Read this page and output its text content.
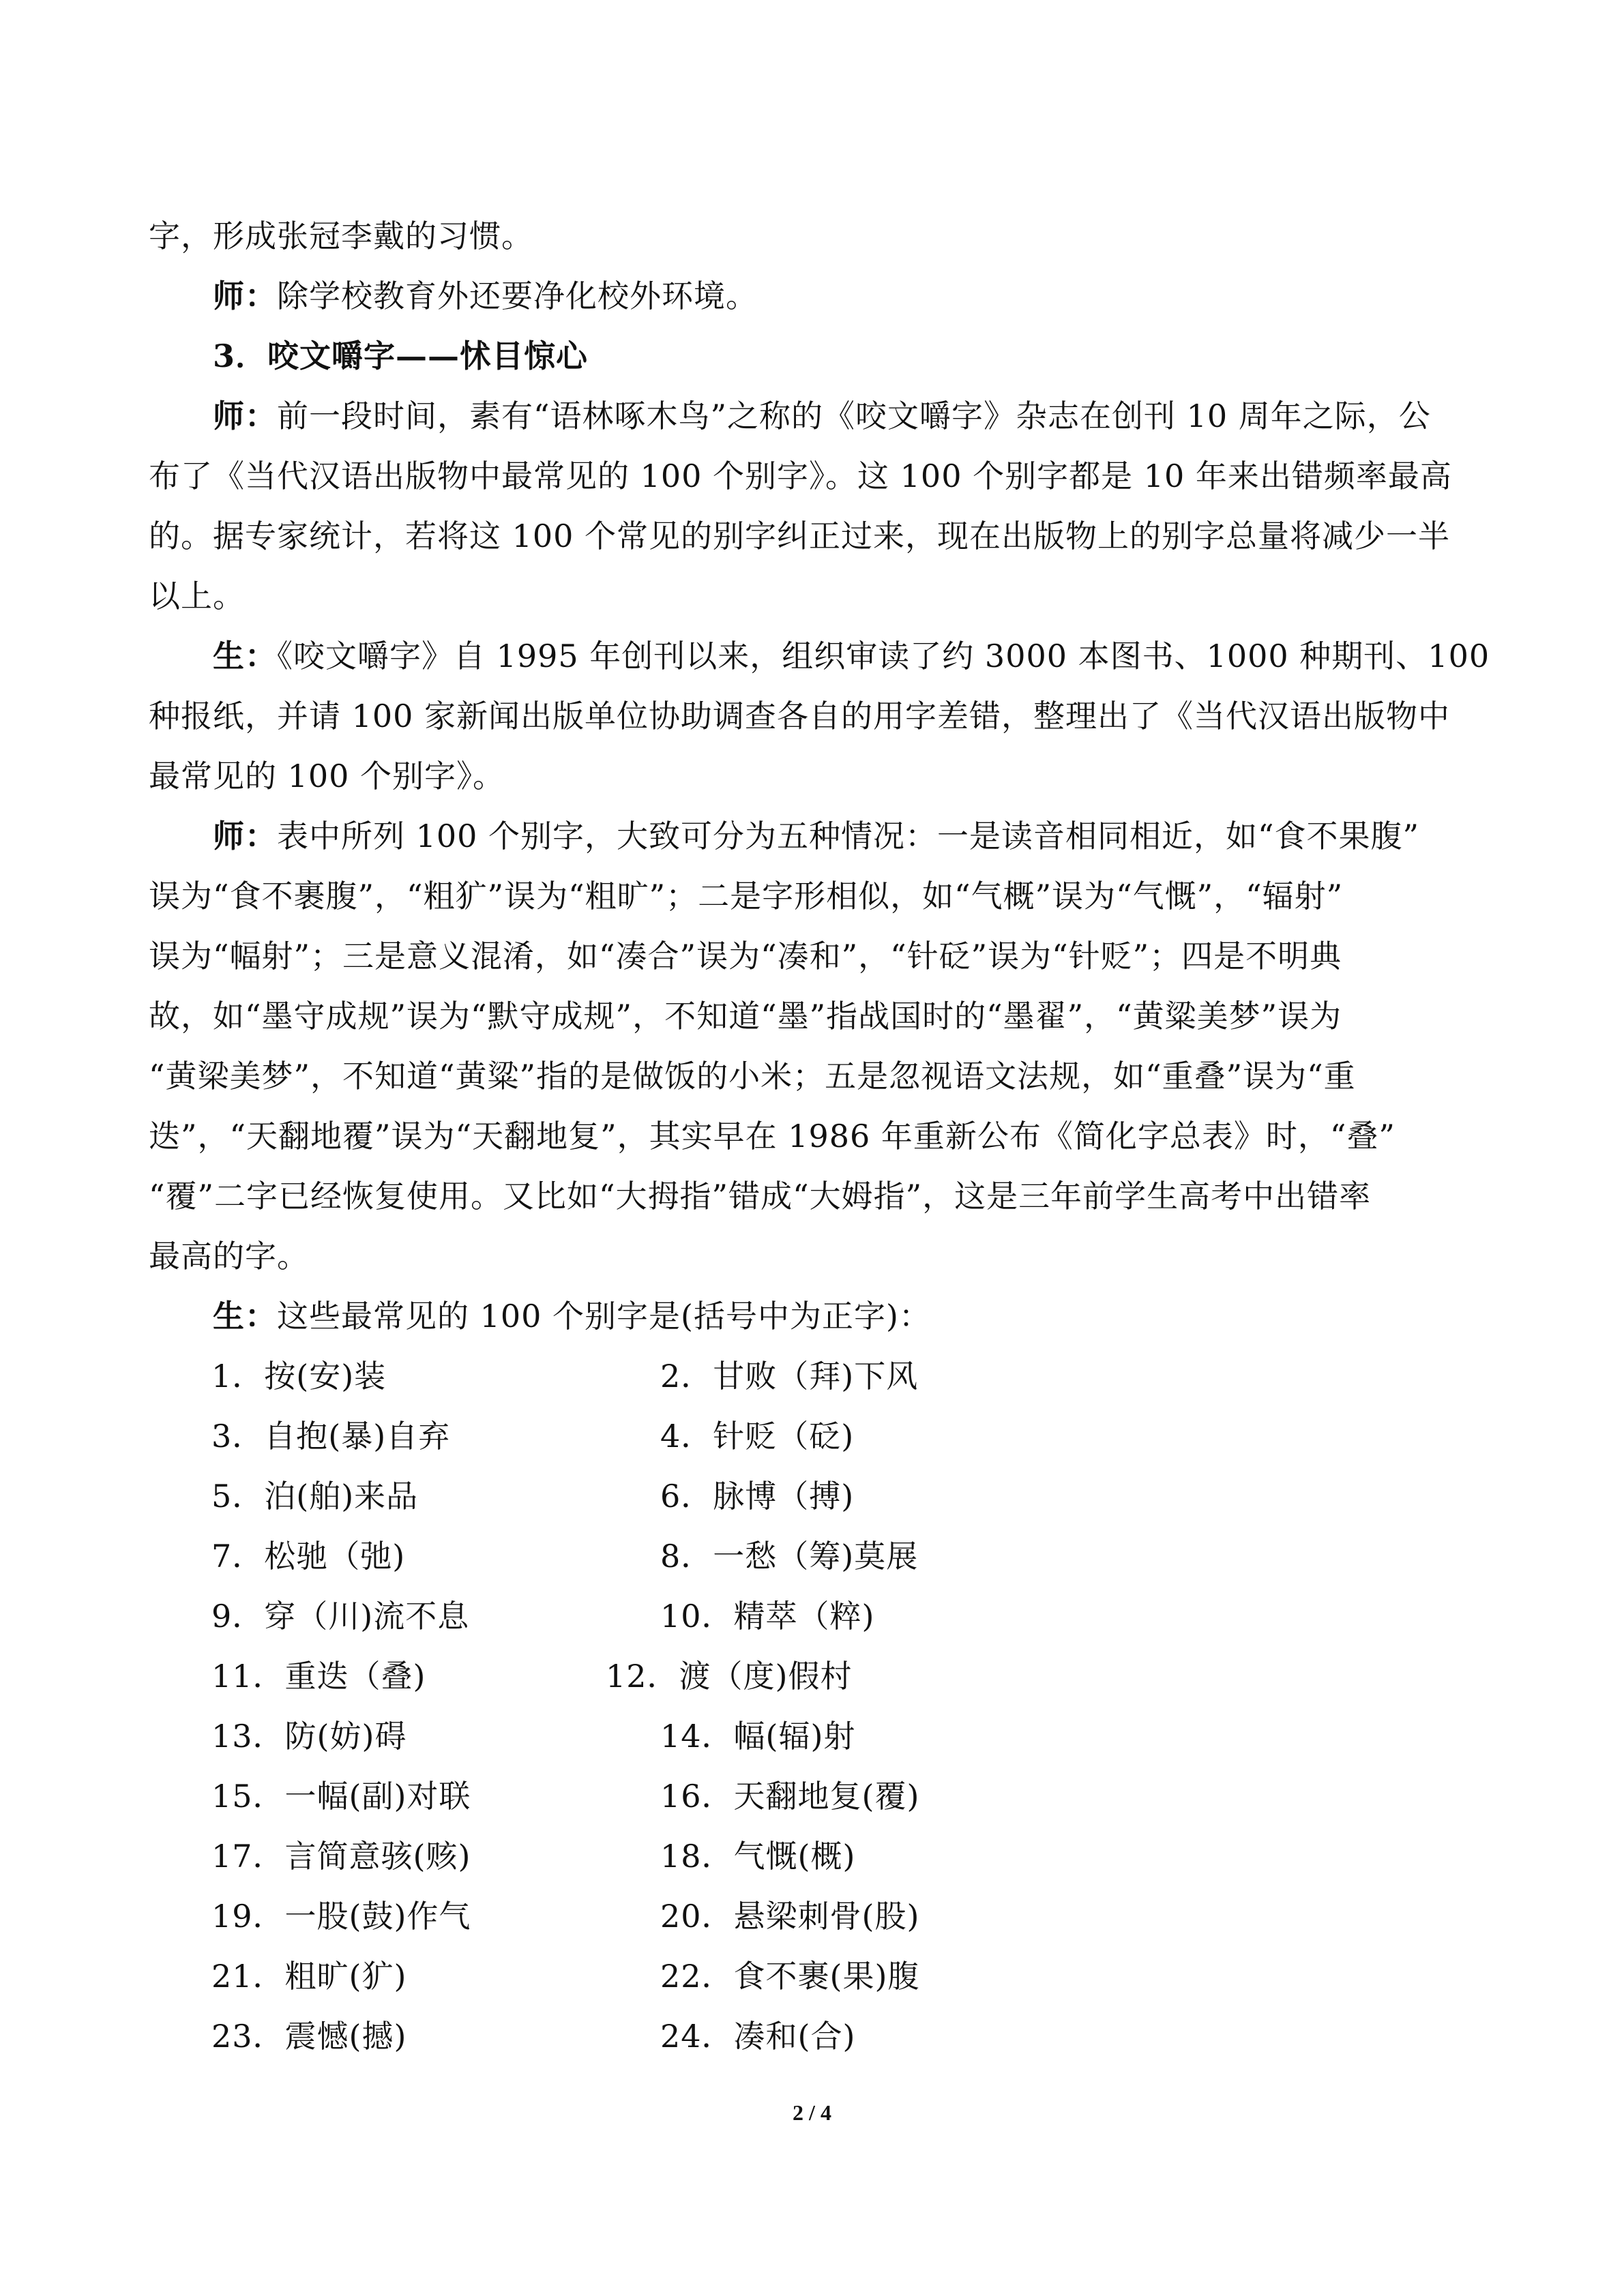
字，形成张冠李戴的习惯。
师：除学校教育外还要净化校外环境。
3．咬文嚼字——怵目惊心
师：前一段时间，素有“语林啄木鸟”之称的《咬文嚼字》杂志在创刊 10 周年之际，公
布了《当代汉语出版物中最常见的 100 个别字》。这 100 个别字都是 10 年来出错频率最高
的。据专家统计，若将这 100 个常见的别字纠正过来，现在出版物上的别字总量将减少一半
以上。
生：《咬文嚼字》自 1995 年创刊以来，组织审读了约 3000 本图书、1000 种期刊、100
种报纸，并请 100 家新闻出版单位协助调查各自的用字差错，整理出了《当代汉语出版物中
最常见的 100 个别字》。
师：表中所列 100 个别字，大致可分为五种情况：一是读音相同相近，如“食不果腹”
误为“食不裹腹”，“粗犷”误为“粗旷”；二是字形相似，如“气概”误为“气慨”，“辐射”
误为“幅射”；三是意义混淆，如“凑合”误为“凑和”，“针砭”误为“针贬”；四是不明典
故，如“墨守成规”误为“默守成规”，不知道“墨”指战国时的“墨翟”，“黄粱美梦”误为
“黄梁美梦”，不知道“黄粱”指的是做饭的小米；五是忽视语文法规，如“重叠”误为“重
迭”，“天翻地覆”误为“天翻地复”，其实早在 1986 年重新公布《简化字总表》时，“叠”
“覆”二字已经恢复使用。又比如“大拇指”错成“大姆指”，这是三年前学生高考中出错率
最高的字。
生：这些最常见的 100 个别字是(括号中为正字)：
1．按(安)装	2．甘败（拜)下风
3．自抱(暴)自弃	4．针贬（砭)
5．泊(舶)来品	6．脉博（搏)
7．松驰（弛)	8．一愁（筹)莫展
9．穿（川)流不息	10．精萃（粹)
11．重迭（叠)	12．渡（度)假村
13．防(妨)碍	14．幅(辐)射
15．一幅(副)对联	16．天翻地复(覆)
17．言简意骇(赅)	18．气慨(概)
19．一股(鼓)作气	20．悬梁刺骨(股)
21．粗旷(犷)	22．食不裹(果)腹
23．震憾(撼)	24．凑和(合)
2 / 4
